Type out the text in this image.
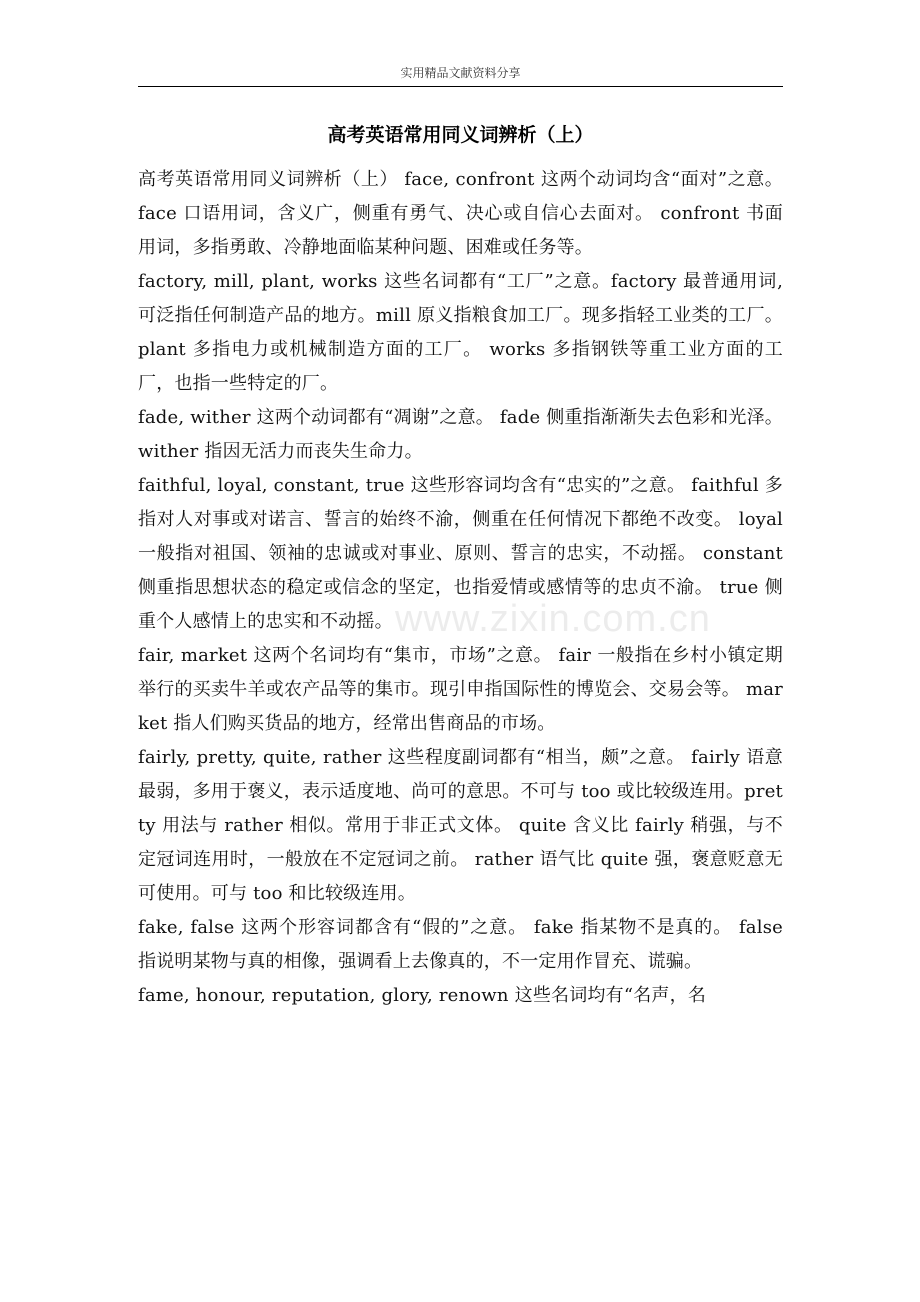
实用精品文献资料分享
高考英语常用同义词辨析（上）

高考英语常用同义词辨析（上） face, confront 这两个动词均含“面对”之意。 face 口语用词，含义广，侧重有勇气、决心或自信心去面对。 confront 书面用词，多指勇敢、冷静地面临某种问题、困难或任务等。

factory, mill, plant, works 这些名词都有“工厂”之意。factory 最普通用词,可泛指任何制造产品的地方。mill 原义指粮食加工厂。现多指轻工业类的工厂。 plant 多指电力或机械制造方面的工厂。 works 多指钢铁等重工业方面的工厂，也指一些特定的厂。

fade, wither 这两个动词都有“凋谢”之意。 fade 侧重指渐渐失去色彩和光泽。 wither 指因无活力而丧失生命力。

faithful, loyal, constant, true 这些形容词均含有“忠实的”之意。 faithful 多指对人对事或对诺言、誓言的始终不渝，侧重在任何情况下都绝不改变。 loyal 一般指对祖国、领袖的忠诚或对事业、原则、誓言的忠实，不动摇。 constant 侧重指思想状态的稳定或信念的坚定，也指爱情或感情等的忠贞不渝。 true 侧重个人感情上的忠实和不动摇。

fair, market 这两个名词均有“集市，市场”之意。 fair 一般指在乡村小镇定期举行的买卖牛羊或农产品等的集市。现引申指国际性的博览会、交易会等。 market 指人们购买货品的地方，经常出售商品的市场。

fairly, pretty, quite, rather 这些程度副词都有“相当，颇”之意。 fairly 语意最弱，多用于褒义，表示适度地、尚可的意思。不可与 too 或比较级连用。pretty 用法与 rather 相似。常用于非正式文体。 quite 含义比 fairly 稍强，与不定冠词连用时，一般放在不定冠词之前。 rather 语气比 quite 强，褒意贬意无可使用。可与 too 和比较级连用。

fake, false 这两个形容词都含有“假的”之意。 fake 指某物不是真的。 false 指说明某物与真的相像，强调看上去像真的，不一定用作冒充、谎骗。

fame, honour, reputation, glory, renown 这些名词均有“名声，名

www.zixin.com.cn
